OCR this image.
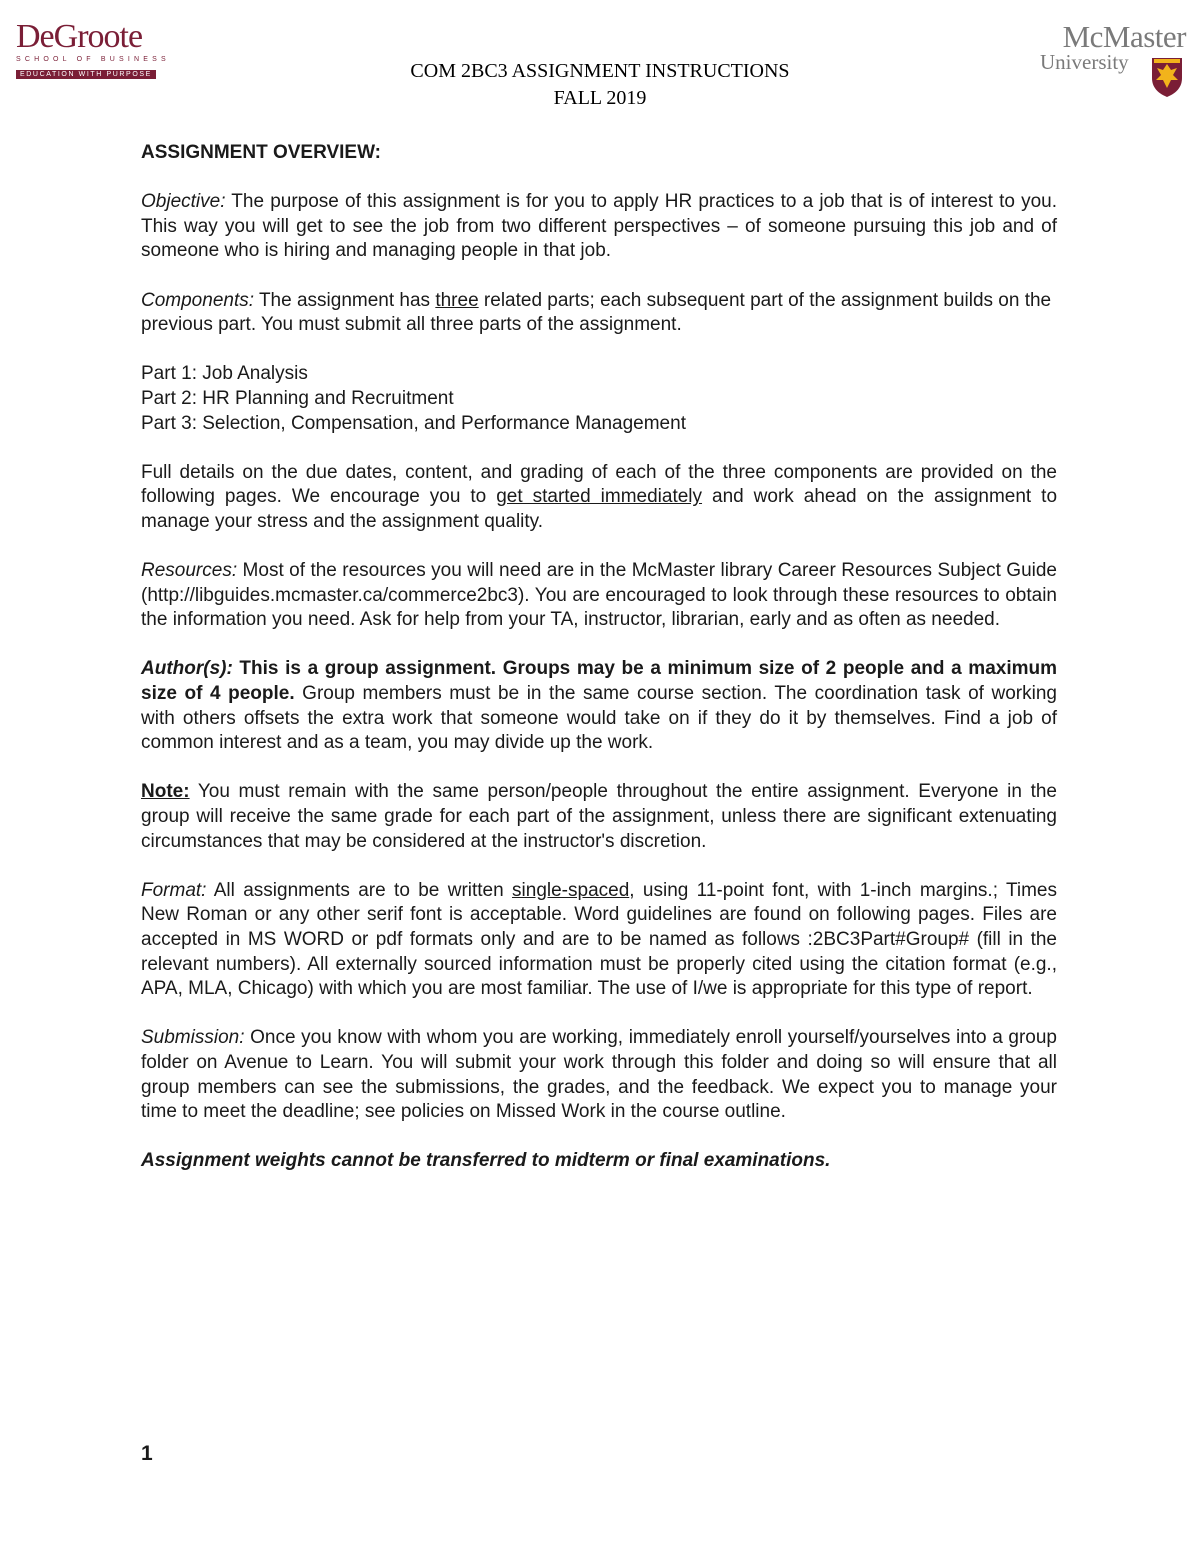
DeGroote
SCHOOL OF BUSINESS
EDUCATION WITH PURPOSE
McMaster
University
COM 2BC3 ASSIGNMENT INSTRUCTIONS
FALL 2019
ASSIGNMENT OVERVIEW:

Objective: The purpose of this assignment is for you to apply HR practices to a job that is of interest to you. This way you will get to see the job from two different perspectives – of someone pursuing this job and of someone who is hiring and managing people in that job.

Components: The assignment has three related parts; each subsequent part of the assignment builds on the previous part. You must submit all three parts of the assignment.

Part 1: Job Analysis
Part 2: HR Planning and Recruitment
Part 3: Selection, Compensation, and Performance Management

Full details on the due dates, content, and grading of each of the three components are provided on the following pages. We encourage you to get started immediately and work ahead on the assignment to manage your stress and the assignment quality.

Resources: Most of the resources you will need are in the McMaster library Career Resources Subject Guide (http://libguides.mcmaster.ca/commerce2bc3). You are encouraged to look through these resources to obtain the information you need. Ask for help from your TA, instructor, librarian, early and as often as needed.

Author(s): This is a group assignment. Groups may be a minimum size of 2 people and a maximum size of 4 people. Group members must be in the same course section. The coordination task of working with others offsets the extra work that someone would take on if they do it by themselves. Find a job of common interest and as a team, you may divide up the work.

Note: You must remain with the same person/people throughout the entire assignment. Everyone in the group will receive the same grade for each part of the assignment, unless there are significant extenuating circumstances that may be considered at the instructor's discretion.

Format: All assignments are to be written single-spaced, using 11-point font, with 1-inch margins.; Times New Roman or any other serif font is acceptable. Word guidelines are found on following pages. Files are accepted in MS WORD or pdf formats only and are to be named as follows :2BC3Part#Group# (fill in the relevant numbers). All externally sourced information must be properly cited using the citation format (e.g., APA, MLA, Chicago) with which you are most familiar. The use of I/we is appropriate for this type of report.

Submission: Once you know with whom you are working, immediately enroll yourself/yourselves into a group folder on Avenue to Learn. You will submit your work through this folder and doing so will ensure that all group members can see the submissions, the grades, and the feedback. We expect you to manage your time to meet the deadline; see policies on Missed Work in the course outline.

Assignment weights cannot be transferred to midterm or final examinations.

1
